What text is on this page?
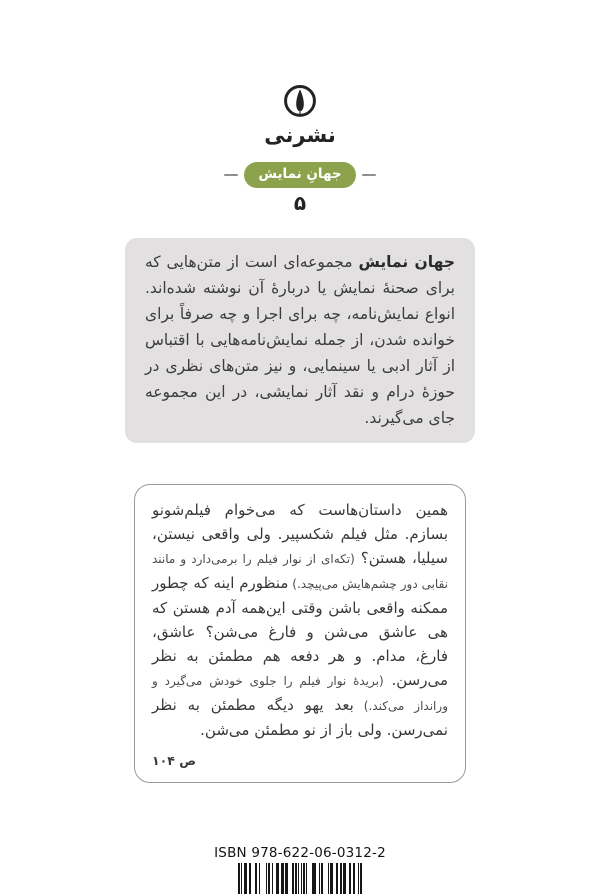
نشرنی
جهانِ نمایش
۵
جهان نمایش مجموعه‌ای است از متن‌هایی که برای صحنهٔ نمایش یا دربارهٔ آن نوشته شده‌اند. انواع نمایش‌نامه، چه برای اجرا و چه صرفاً برای خوانده شدن، از جمله نمایش‌نامه‌هایی با اقتباس از آثار ادبی یا سینمایی، و نیز متن‌های نظری در حوزهٔ درام و نقد آثار نمایشی، در این مجموعه جای می‌گیرند.
همین داستان‌هاست که می‌خوام فیلم‌شونو بسازم. مثل فیلم شکسپیر. ولی واقعی نیستن، سیلیا، هستن؟ (تکه‌ای از نوار فیلم را برمی‌دارد و مانند نقابی دور چشم‌هایش می‌پیچد.) منظورم اینه که چطور ممکنه واقعی باشن وقتی این‌همه آدم هستن که هی عاشق می‌شن و فارغ می‌شن؟ عاشق، فارغ، مدام. و هر دفعه هم مطمئن به نظر می‌رسن. (بریدهٔ نوار فیلم را جلوی خودش می‌گیرد و ورانداز می‌کند.) بعد یهو دیگه مطمئن به نظر نمی‌رسن. ولی باز از نو مطمئن می‌شن.
ص ۱۰۴
ISBN 978-622-06-0312-2
